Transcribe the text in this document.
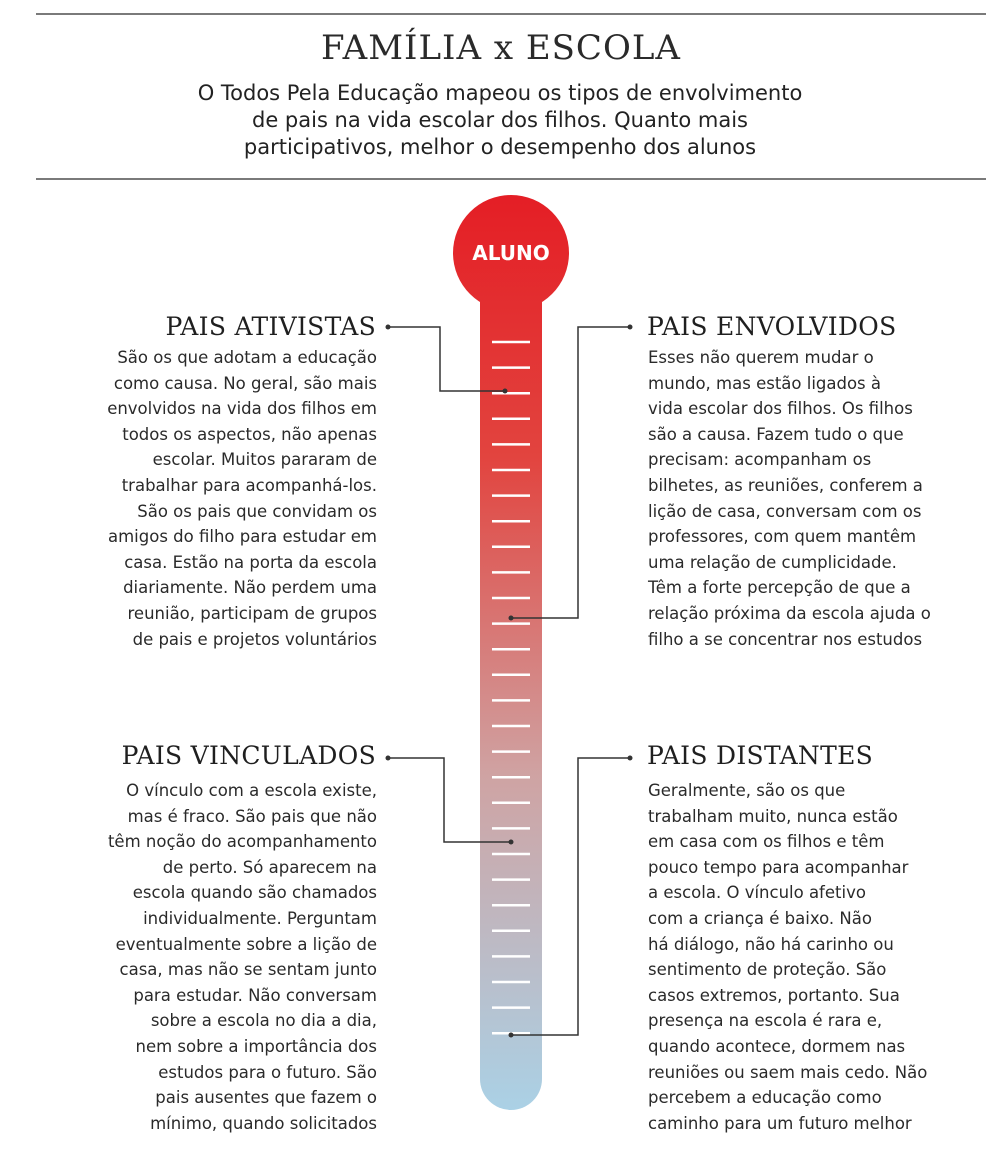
FAMÍLIA x ESCOLA
O Todos Pela Educação mapeou os tipos de envolvimento
de pais na vida escolar dos filhos. Quanto mais
participativos, melhor o desempenho dos alunos
ALUNO
PAIS ATIVISTAS
São os que adotam a educação
como causa. No geral, são mais
envolvidos na vida dos filhos em
todos os aspectos, não apenas
escolar. Muitos pararam de
trabalhar para acompanhá-los.
São os pais que convidam os
amigos do filho para estudar em
casa. Estão na porta da escola
diariamente. Não perdem uma
reunião, participam de grupos
de pais e projetos voluntários
PAIS ENVOLVIDOS
Esses não querem mudar o
mundo, mas estão ligados à
vida escolar dos filhos. Os filhos
são a causa. Fazem tudo o que
precisam: acompanham os
bilhetes, as reuniões, conferem a
lição de casa, conversam com os
professores, com quem mantêm
uma relação de cumplicidade.
Têm a forte percepção de que a
relação próxima da escola ajuda o
filho a se concentrar nos estudos
PAIS VINCULADOS
O vínculo com a escola existe,
mas é fraco. São pais que não
têm noção do acompanhamento
de perto. Só aparecem na
escola quando são chamados
individualmente. Perguntam
eventualmente sobre a lição de
casa, mas não se sentam junto
para estudar. Não conversam
sobre a escola no dia a dia,
nem sobre a importância dos
estudos para o futuro. São
pais ausentes que fazem o
mínimo, quando solicitados
PAIS DISTANTES
Geralmente, são os que
trabalham muito, nunca estão
em casa com os filhos e têm
pouco tempo para acompanhar
a escola. O vínculo afetivo
com a criança é baixo. Não
há diálogo, não há carinho ou
sentimento de proteção. São
casos extremos, portanto. Sua
presença na escola é rara e,
quando acontece, dormem nas
reuniões ou saem mais cedo. Não
percebem a educação como
caminho para um futuro melhor
